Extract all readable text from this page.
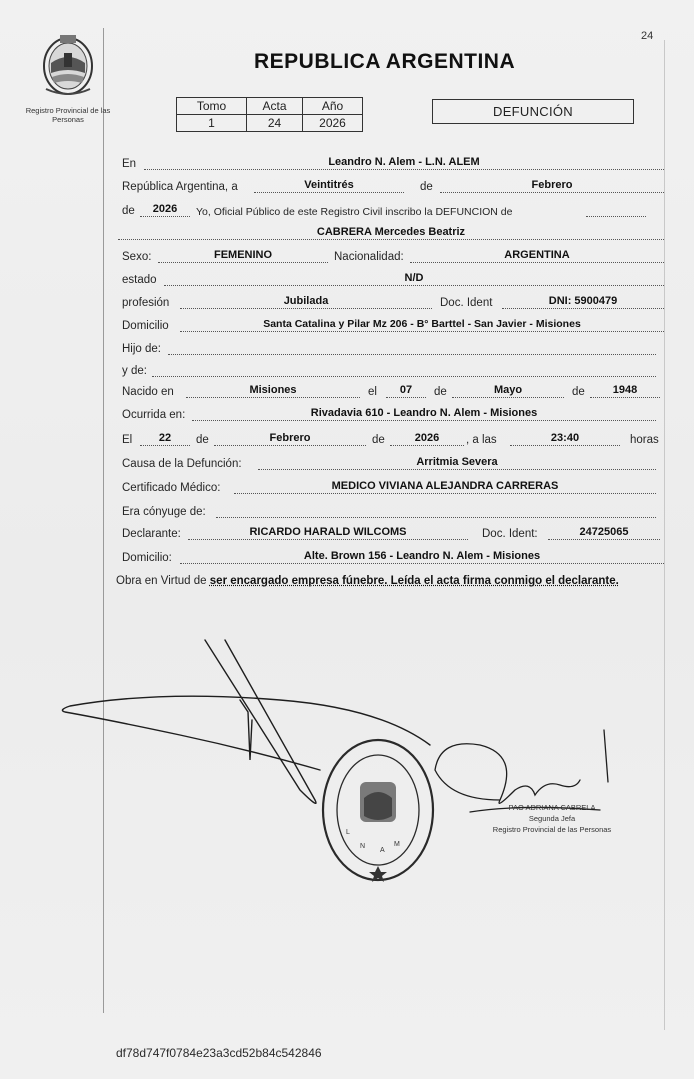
24
Registro Provincial de las Personas
REPUBLICA ARGENTINA
Tomo	Acta	Año
1	24	2026
DEFUNCIÓN
En	Leandro N. Alem - L.N. ALEM
República Argentina, a	Veintitrés	de	Febrero
de	2026	Yo, Oficial Público de este Registro Civil inscribo la DEFUNCION de
CABRERA Mercedes Beatriz
Sexo:	FEMENINO	Nacionalidad:	ARGENTINA
estado	N/D
profesión	Jubilada	Doc. Ident	DNI: 5900479
Domicilio	Santa Catalina y Pilar Mz 206 - B° Barttel - San Javier - Misiones
Hijo de:
y de:
Nacido en	Misiones	el	07	de	Mayo	de	1948
Ocurrida en:	Rivadavia 610 - Leandro N. Alem - Misiones
El	22	de	Febrero	de	2026	, a las	23:40	horas
Causa de la Defunción:	Arritmia Severa
Certificado Médico:	MEDICO VIVIANA ALEJANDRA CARRERAS
Era cónyuge de:
Declarante:	RICARDO HARALD WILCOMS	Doc. Ident:	24725065
Domicilio:	Alte. Brown 156 - Leandro N. Alem - Misiones
Obra en Virtud de ser encargado empresa fúnebre. Leída el acta firma conmigo el declarante.
L
N
A
M
PAO ADRIANA CABRELA
Segunda Jefa
Registro Provincial de las Personas
df78d747f0784e23a3cd52b84c542846
